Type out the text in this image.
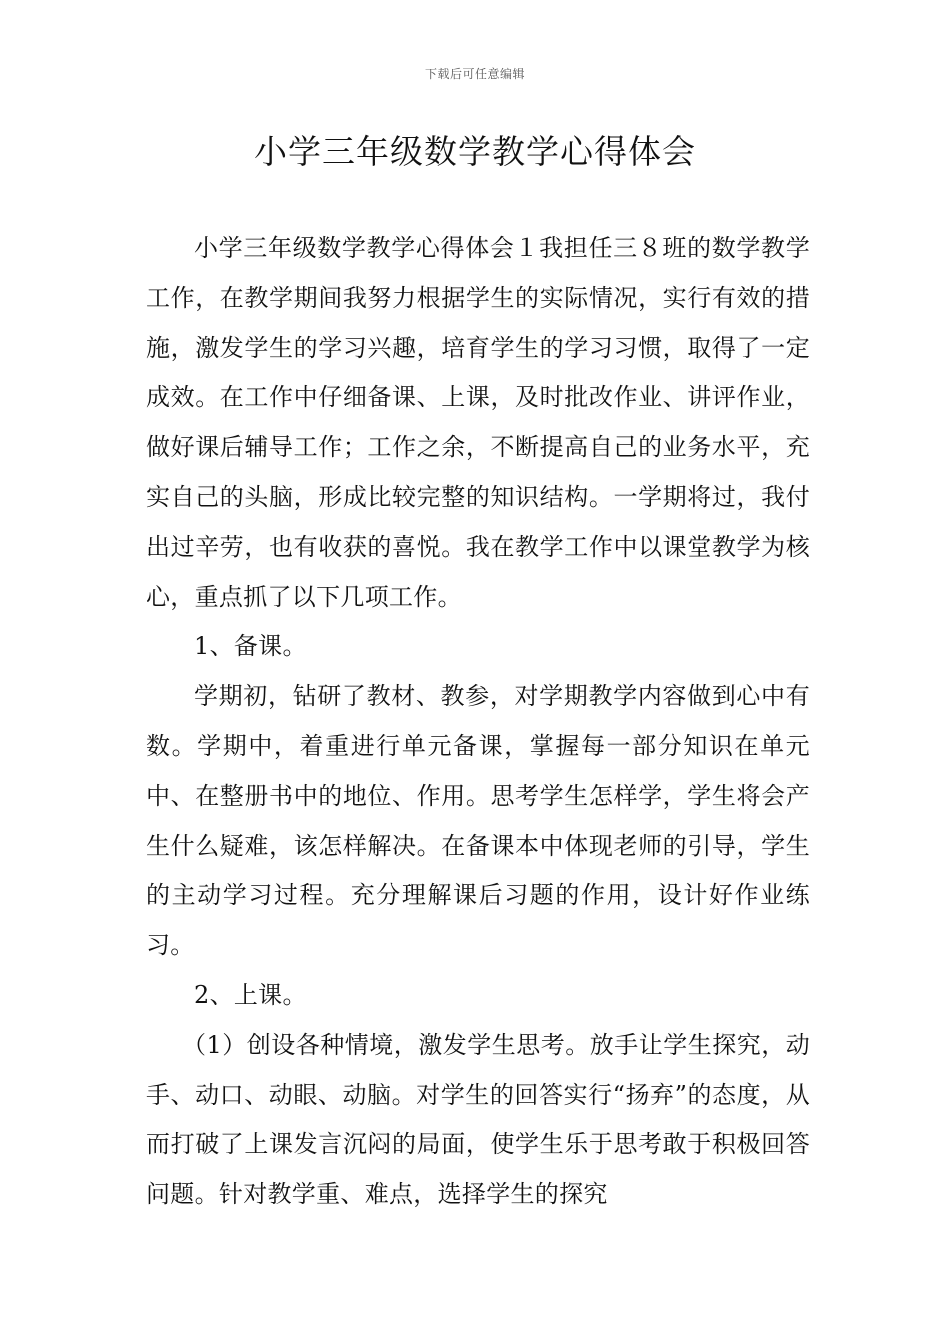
下载后可任意编辑
小学三年级数学教学心得体会

小学三年级数学教学心得体会１我担任三８班的数学教学工作，在教学期间我努力根据学生的实际情况，实行有效的措施，激发学生的学习兴趣，培育学生的学习习惯，取得了一定成效。在工作中仔细备课、上课，及时批改作业、讲评作业，做好课后辅导工作；工作之余，不断提高自己的业务水平，充实自己的头脑，形成比较完整的知识结构。一学期将过，我付出过辛劳，也有收获的喜悦。我在教学工作中以课堂教学为核心，重点抓了以下几项工作。

1、备课。

学期初，钻研了教材、教参，对学期教学内容做到心中有数。学期中，着重进行单元备课，掌握每一部分知识在单元中、在整册书中的地位、作用。思考学生怎样学，学生将会产生什么疑难，该怎样解决。在备课本中体现老师的引导，学生的主动学习过程。充分理解课后习题的作用，设计好作业练习。

2、上课。

（1）创设各种情境，激发学生思考。放手让学生探究，动手、动口、动眼、动脑。对学生的回答实行“扬弃”的态度，从而打破了上课发言沉闷的局面，使学生乐于思考敢于积极回答问题。针对教学重、难点，选择学生的探究
